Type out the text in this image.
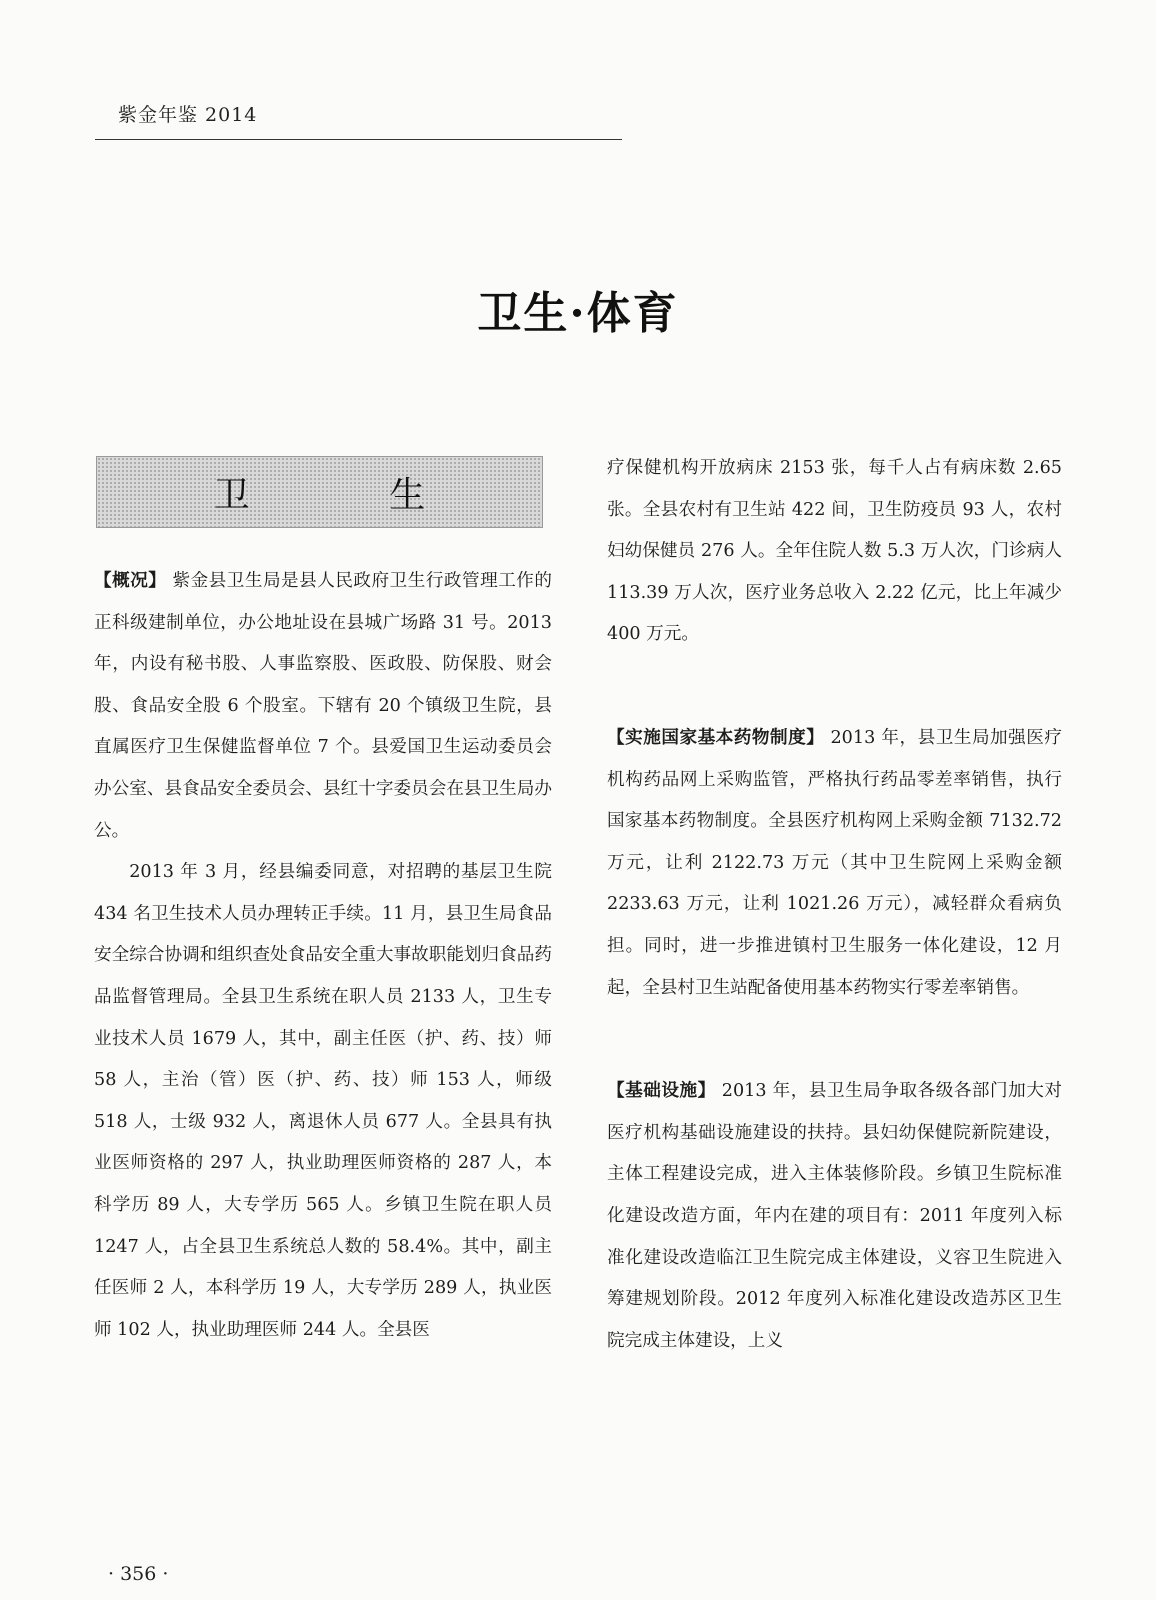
紫金年鉴 2014
卫生·体育
卫 生

【概况】 紫金县卫生局是县人民政府卫生行政管理工作的正科级建制单位，办公地址设在县城广场路 31 号。2013 年，内设有秘书股、人事监察股、医政股、防保股、财会股、食品安全股 6 个股室。下辖有 20 个镇级卫生院，县直属医疗卫生保健监督单位 7 个。县爱国卫生运动委员会办公室、县食品安全委员会、县红十字委员会在县卫生局办公。

2013 年 3 月，经县编委同意，对招聘的基层卫生院 434 名卫生技术人员办理转正手续。11 月，县卫生局食品安全综合协调和组织查处食品安全重大事故职能划归食品药品监督管理局。全县卫生系统在职人员 2133 人，卫生专业技术人员 1679 人，其中，副主任医（护、药、技）师 58 人，主治（管）医（护、药、技）师 153 人，师级 518 人，士级 932 人，离退休人员 677 人。全县具有执业医师资格的 297 人，执业助理医师资格的 287 人，本科学历 89 人，大专学历 565 人。乡镇卫生院在职人员 1247 人，占全县卫生系统总人数的 58.4%。其中，副主任医师 2 人，本科学历 19 人，大专学历 289 人，执业医师 102 人，执业助理医师 244 人。全县医

疗保健机构开放病床 2153 张，每千人占有病床数 2.65 张。全县农村有卫生站 422 间，卫生防疫员 93 人，农村妇幼保健员 276 人。全年住院人数 5.3 万人次，门诊病人 113.39 万人次，医疗业务总收入 2.22 亿元，比上年减少 400 万元。

【实施国家基本药物制度】 2013 年，县卫生局加强医疗机构药品网上采购监管，严格执行药品零差率销售，执行国家基本药物制度。全县医疗机构网上采购金额 7132.72 万元，让利 2122.73 万元（其中卫生院网上采购金额 2233.63 万元，让利 1021.26 万元），减轻群众看病负担。同时，进一步推进镇村卫生服务一体化建设，12 月起，全县村卫生站配备使用基本药物实行零差率销售。

【基础设施】 2013 年，县卫生局争取各级各部门加大对医疗机构基础设施建设的扶持。县妇幼保健院新院建设，主体工程建设完成，进入主体装修阶段。乡镇卫生院标准化建设改造方面，年内在建的项目有：2011 年度列入标准化建设改造临江卫生院完成主体建设，义容卫生院进入筹建规划阶段。2012 年度列入标准化建设改造苏区卫生院完成主体建设，上义

· 356 ·
